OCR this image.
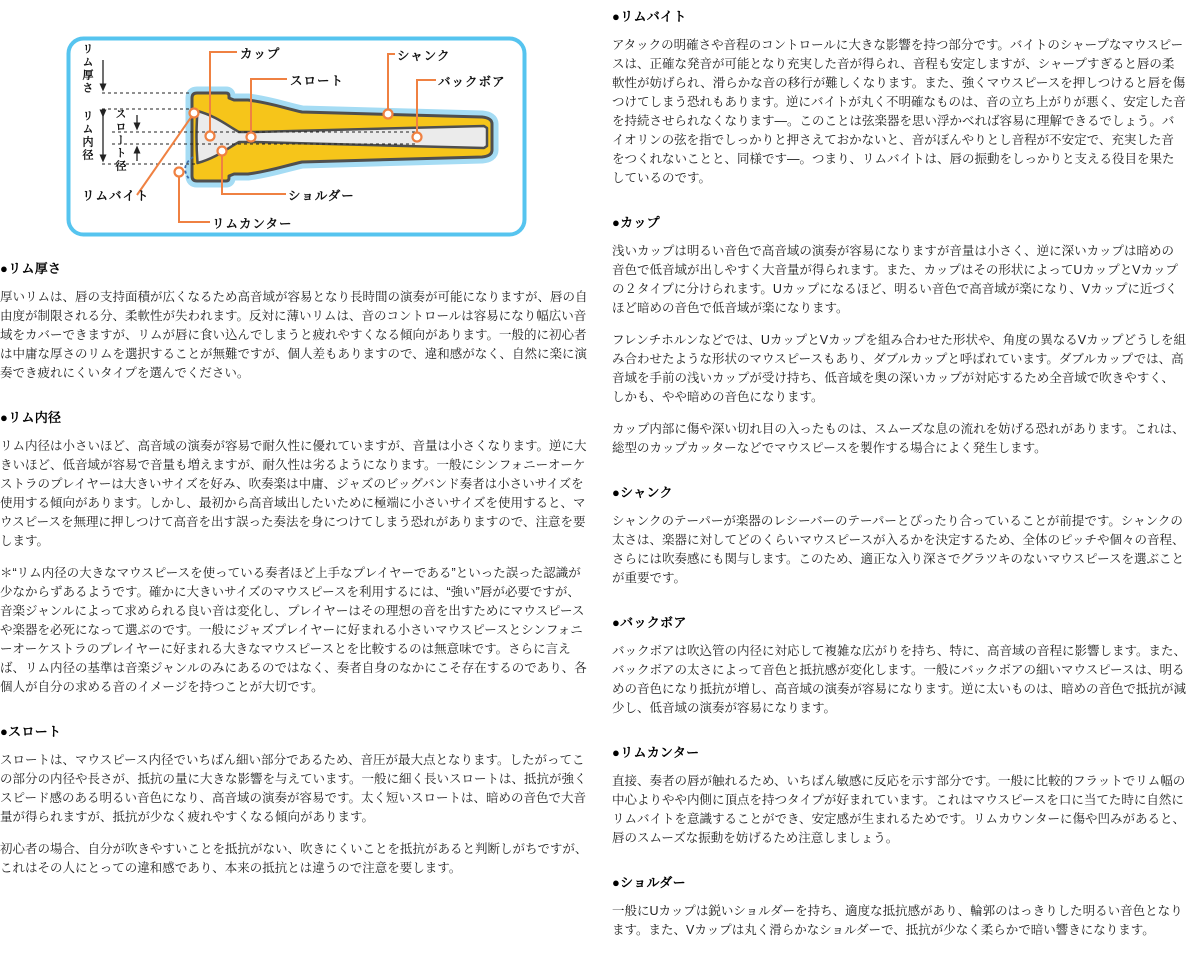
カップ
スロート
シャンク
バックボア
リムバイト
リムカンター
ショルダー
リム厚さ
リム内径 スロート径
●リム厚さ

厚いリムは、唇の支持面積が広くなるため高音域が容易となり長時間の演奏が可能になりますが、唇の自由度が制限される分、柔軟性が失われます。反対に薄いリムは、音のコントロールは容易になり幅広い音域をカバーできますが、リムが唇に食い込んでしまうと疲れやすくなる傾向があります。一般的に初心者は中庸な厚さのリムを選択することが無難ですが、個人差もありますので、違和感がなく、自然に楽に演奏でき疲れにくいタイプを選んでください。

●リム内径

リム内径は小さいほど、高音域の演奏が容易で耐久性に優れていますが、音量は小さくなります。逆に大きいほど、低音域が容易で音量も増えますが、耐久性は劣るようになります。一般にシンフォニーオーケストラのプレイヤーは大きいサイズを好み、吹奏楽は中庸、ジャズのビッグバンド奏者は小さいサイズを使用する傾向があります。しかし、最初から高音域出したいために極端に小さいサイズを使用すると、マウスピースを無理に押しつけて高音を出す誤った奏法を身につけてしまう恐れがありますので、注意を要します。

＊“リム内径の大きなマウスピースを使っている奏者ほど上手なプレイヤーである”といった誤った認識が少なからずあるようです。確かに大きいサイズのマウスピースを利用するには、“強い”唇が必要ですが、音楽ジャンルによって求められる良い音は変化し、プレイヤーはその理想の音を出すためにマウスピースや楽器を必死になって選ぶのです。一般にジャズプレイヤーに好まれる小さいマウスピースとシンフォニーオーケストラのプレイヤーに好まれる大きなマウスピースとを比較するのは無意味です。さらに言えば、リム内径の基準は音楽ジャンルのみにあるのではなく、奏者自身のなかにこそ存在するのであり、各個人が自分の求める音のイメージを持つことが大切です。

●スロート

スロートは、マウスピース内径でいちばん細い部分であるため、音圧が最大点となります。したがってこの部分の内径や長さが、抵抗の量に大きな影響を与えています。一般に細く長いスロートは、抵抗が強くスピード感のある明るい音色になり、高音域の演奏が容易です。太く短いスロートは、暗めの音色で大音量が得られますが、抵抗が少なく疲れやすくなる傾向があります。

初心者の場合、自分が吹きやすいことを抵抗がない、吹きにくいことを抵抗があると判断しがちですが、これはその人にとっての違和感であり、本来の抵抗とは違うので注意を要します。

●リムバイト

アタックの明確さや音程のコントロールに大きな影響を持つ部分です。バイトのシャープなマウスピースは、正確な発音が可能となり充実した音が得られ、音程も安定しますが、シャープすぎると唇の柔軟性が妨げられ、滑らかな音の移行が難しくなります。また、強くマウスピースを押しつけると唇を傷つけてしまう恐れもあります。逆にバイトが丸く不明確なものは、音の立ち上がりが悪く、安定した音を持続させられなくなります―。このことは弦楽器を思い浮かべれば容易に理解できるでしょう。バイオリンの弦を指でしっかりと押さえておかないと、音がぼんやりとし音程が不安定で、充実した音をつくれないことと、同様です―。つまり、リムバイトは、唇の振動をしっかりと支える役目を果たしているのです。

●カップ

浅いカップは明るい音色で高音域の演奏が容易になりますが音量は小さく、逆に深いカップは暗めの音色で低音域が出しやすく大音量が得られます。また、カップはその形状によってUカップとVカップの２タイプに分けられます。Uカップになるほど、明るい音色で高音域が楽になり、Vカップに近づくほど暗めの音色で低音域が楽になります。

フレンチホルンなどでは、UカップとVカップを組み合わせた形状や、角度の異なるVカップどうしを組み合わせたような形状のマウスピースもあり、ダブルカップと呼ばれています。ダブルカップでは、高音域を手前の浅いカップが受け持ち、低音域を奥の深いカップが対応するため全音域で吹きやすく、しかも、やや暗めの音色になります。

カップ内部に傷や深い切れ目の入ったものは、スムーズな息の流れを妨げる恐れがあります。これは、総型のカップカッターなどでマウスピースを製作する場合によく発生します。

●シャンク

シャンクのテーパーが楽器のレシーバーのテーパーとぴったり合っていることが前提です。シャンクの太さは、楽器に対してどのくらいマウスピースが入るかを決定するため、全体のピッチや個々の音程、さらには吹奏感にも関与します。このため、適正な入り深さでグラツキのないマウスピースを選ぶことが重要です。

●バックボア

バックボアは吹込管の内径に対応して複雑な広がりを持ち、特に、高音域の音程に影響します。また、バックボアの太さによって音色と抵抗感が変化します。一般にバックボアの細いマウスピースは、明るめの音色になり抵抗が増し、高音域の演奏が容易になります。逆に太いものは、暗めの音色で抵抗が減少し、低音域の演奏が容易になります。

●リムカンター

直接、奏者の唇が触れるため、いちばん敏感に反応を示す部分です。一般に比較的フラットでリム幅の中心よりやや内側に頂点を持つタイプが好まれています。これはマウスピースを口に当てた時に自然にリムバイトを意識することができ、安定感が生まれるためです。リムカウンターに傷や凹みがあると、唇のスムーズな振動を妨げるため注意しましょう。

●ショルダー

一般にUカップは鋭いショルダーを持ち、適度な抵抗感があり、輪郭のはっきりした明るい音色となります。また、Vカップは丸く滑らかなショルダーで、抵抗が少なく柔らかで暗い響きになります。
